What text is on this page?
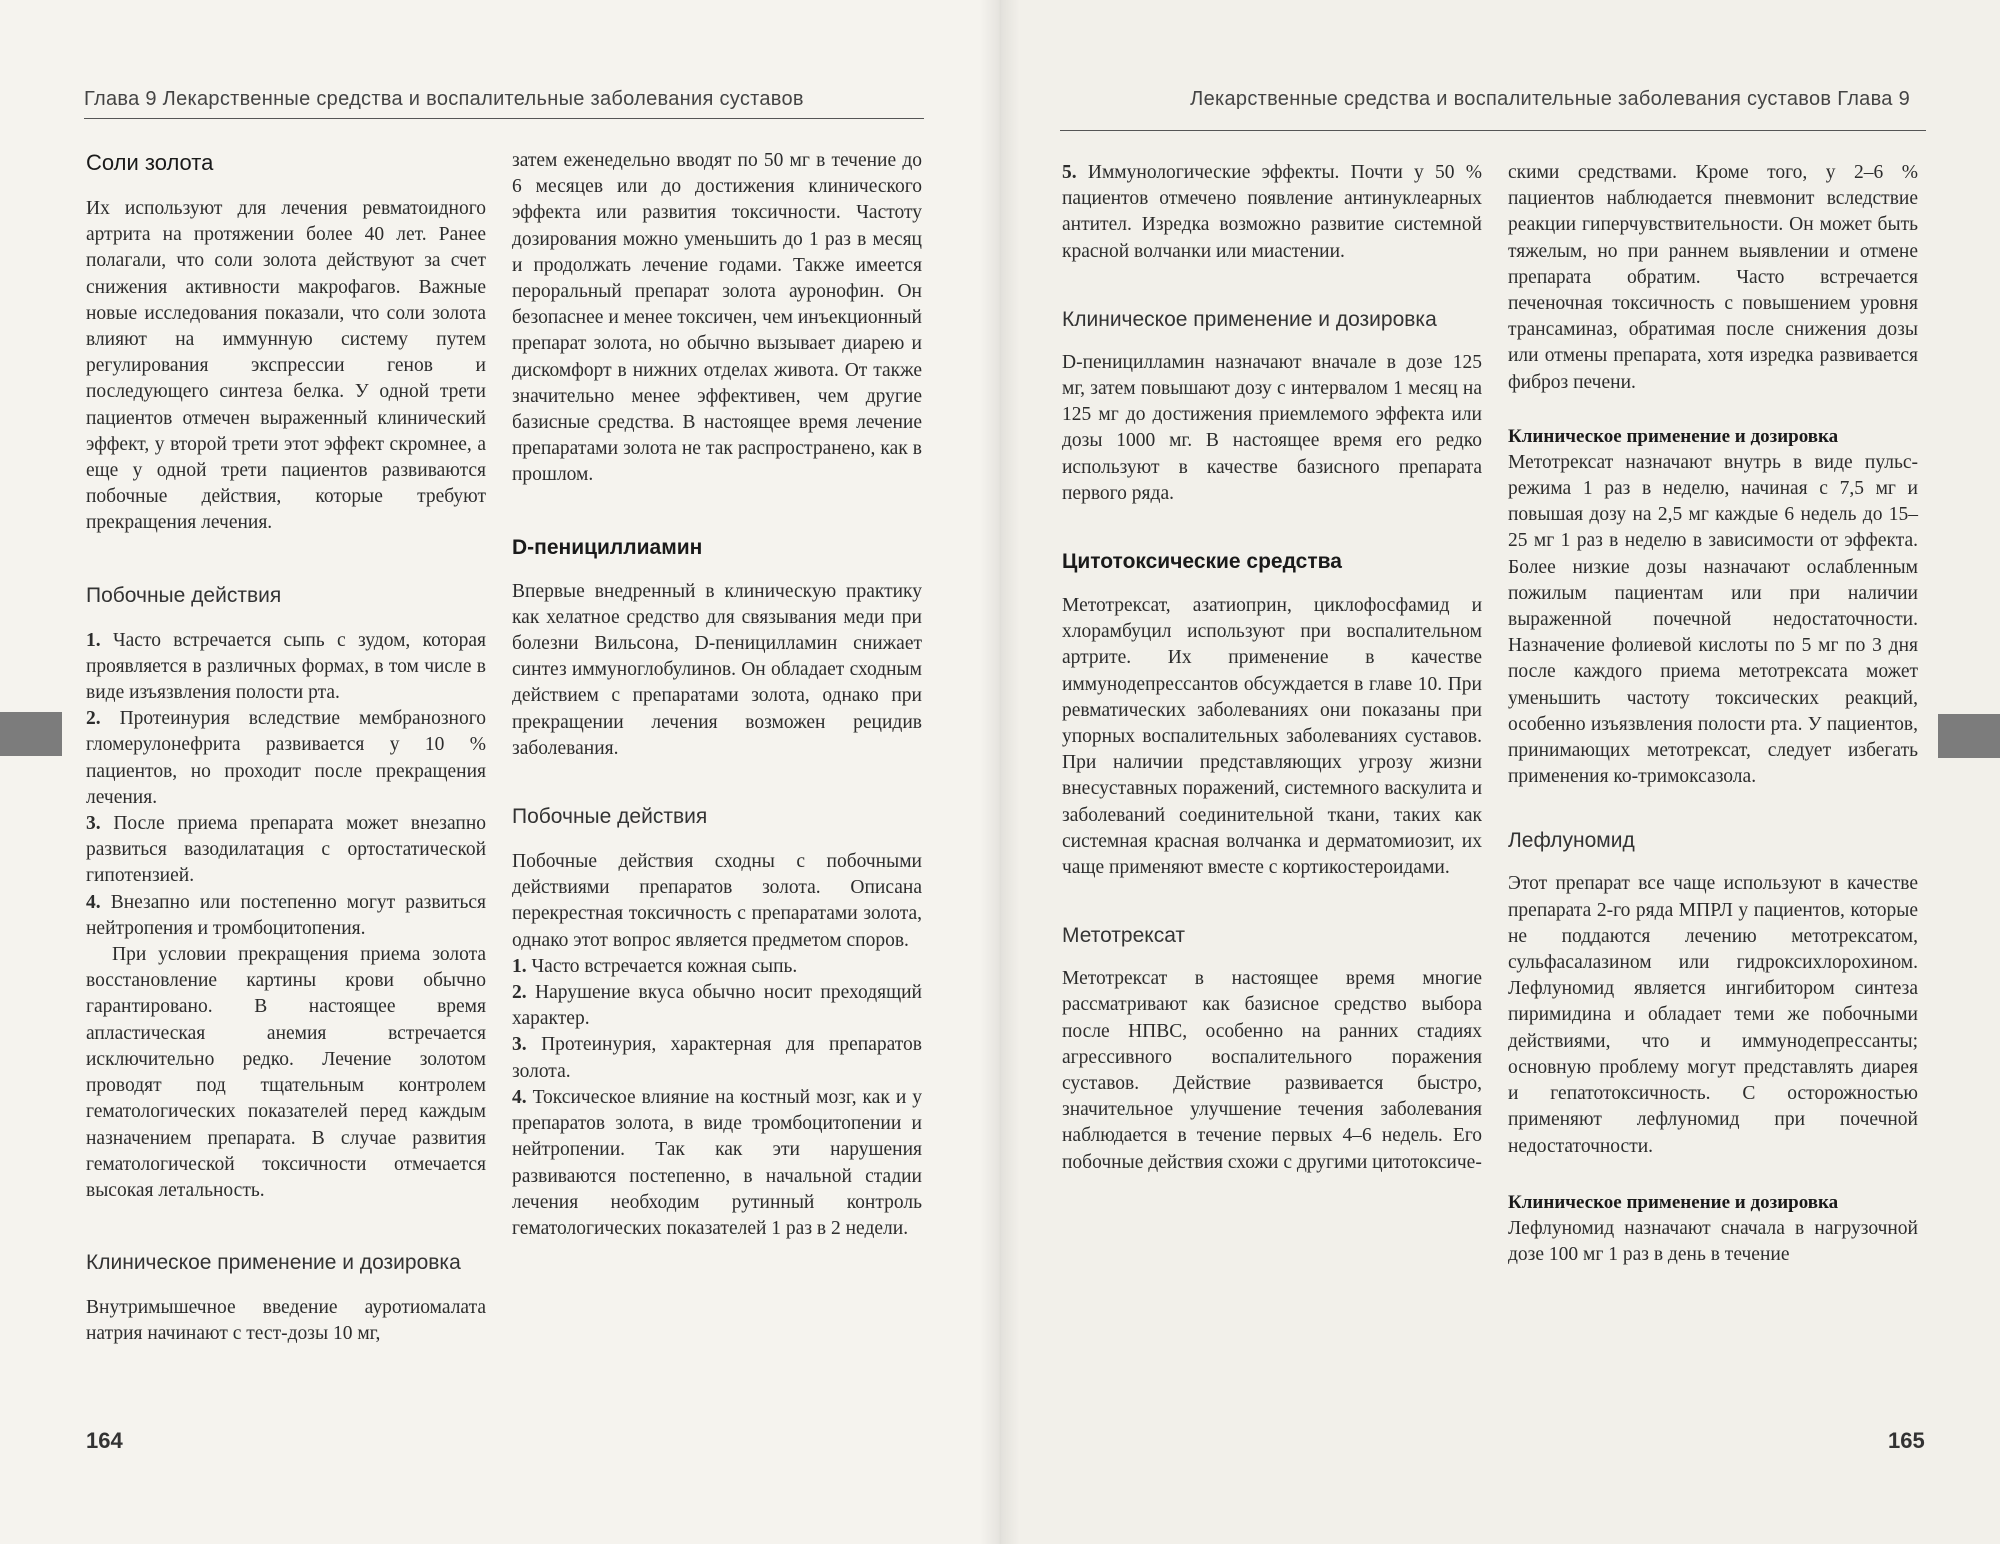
Глава 9 Лекарственные средства и воспалительные заболевания суставов
Соли золота

Их используют для лечения ревматоидного артрита на протяжении более 40 лет. Ранее полагали, что соли золота действуют за счет снижения активности макрофагов. Важные новые исследования показали, что соли золота влияют на иммунную систему путем регулирования экспрессии генов и последующего синтеза белка. У одной трети пациентов отмечен выраженный клинический эффект, у второй трети этот эффект скромнее, а еще у одной трети пациентов развиваются побочные действия, которые требуют прекращения лечения.

Побочные действия

1. Часто встречается сыпь с зудом, которая проявляется в различных формах, в том числе в виде изъязвления полости рта.

2. Протеинурия вследствие мембранозного гломерулонефрита развивается у 10 % пациентов, но проходит после прекращения лечения.

3. После приема препарата может внезапно развиться вазодилатация с ортостатической гипотензией.

4. Внезапно или постепенно могут развиться нейтропения и тромбоцитопения.

При условии прекращения приема золота восстановление картины крови обычно гарантировано. В настоящее время апластическая анемия встречается исключительно редко. Лечение золотом проводят под тщательным контролем гематологических показателей перед каждым назначением препарата. В случае развития гематологической токсичности отмечается высокая летальность.

Клиническое применение и дозировка

Внутримышечное введение ауротиомалата натрия начинают с тест-дозы 10 мг,

затем еженедельно вводят по 50 мг в течение до 6 месяцев или до достижения клинического эффекта или развития токсичности. Частоту дозирования можно уменьшить до 1 раз в месяц и продолжать лечение годами. Также имеется пероральный препарат золота ауронофин. Он безопаснее и менее токсичен, чем инъекционный препарат золота, но обычно вызывает диарею и дискомфорт в нижних отделах живота. От также значительно менее эффективен, чем другие базисные средства. В настоящее время лечение препаратами золота не так распространено, как в прошлом.

D-пенициллиамин

Впервые внедренный в клиническую практику как хелатное средство для связывания меди при болезни Вильсона, D-пеницилламин снижает синтез иммуноглобулинов. Он обладает сходным действием с препаратами золота, однако при прекращении лечения возможен рецидив заболевания.

Побочные действия

Побочные действия сходны с побочными действиями препаратов золота. Описана перекрестная токсичность с препаратами золота, однако этот вопрос является предметом споров.

1. Часто встречается кожная сыпь.

2. Нарушение вкуса обычно носит преходящий характер.

3. Протеинурия, характерная для препаратов золота.

4. Токсическое влияние на костный мозг, как и у препаратов золота, в виде тромбоцитопении и нейтропении. Так как эти нарушения развиваются постепенно, в начальной стадии лечения необходим рутинный контроль гематологических показателей 1 раз в 2 недели.

164
Лекарственные средства и воспалительные заболевания суставов Глава 9

5. Иммунологические эффекты. Почти у 50 % пациентов отмечено появление антинуклеарных антител. Изредка возможно развитие системной красной волчанки или миастении.

Клиническое применение и дозировка

D-пеницилламин назначают вначале в дозе 125 мг, затем повышают дозу с интервалом 1 месяц на 125 мг до достижения приемлемого эффекта или дозы 1000 мг. В настоящее время его редко используют в качестве базисного препарата первого ряда.

Цитотоксические средства

Метотрексат, азатиоприн, циклофосфамид и хлорамбуцил используют при воспалительном артрите. Их применение в качестве иммунодепрессантов обсуждается в главе 10. При ревматических заболеваниях они показаны при упорных воспалительных заболеваниях суставов. При наличии представляющих угрозу жизни внесуставных поражений, системного васкулита и заболеваний соединительной ткани, таких как системная красная волчанка и дерматомиозит, их чаще применяют вместе с кортикостероидами.

Метотрексат

Метотрексат в настоящее время многие рассматривают как базисное средство выбора после НПВС, особенно на ранних стадиях агрессивного воспалительного поражения суставов. Действие развивается быстро, значительное улучшение течения заболевания наблюдается в течение первых 4–6 недель. Его побочные действия схожи с другими цитотоксиче-

скими средствами. Кроме того, у 2–6 % пациентов наблюдается пневмонит вследствие реакции гиперчувствительности. Он может быть тяжелым, но при раннем выявлении и отмене препарата обратим. Часто встречается печеночная токсичность с повышением уровня трансаминаз, обратимая после снижения дозы или отмены препарата, хотя изредка развивается фиброз печени.

Клиническое применение и дозировка

Метотрексат назначают внутрь в виде пульс-режима 1 раз в неделю, начиная с 7,5 мг и повышая дозу на 2,5 мг каждые 6 недель до 15–25 мг 1 раз в неделю в зависимости от эффекта. Более низкие дозы назначают ослабленным пожилым пациентам или при наличии выраженной почечной недостаточности. Назначение фолиевой кислоты по 5 мг по 3 дня после каждого приема метотрексата может уменьшить частоту токсических реакций, особенно изъязвления полости рта. У пациентов, принимающих метотрексат, следует избегать применения ко-тримоксазола.

Лефлуномид

Этот препарат все чаще используют в качестве препарата 2-го ряда МПРЛ у пациентов, которые не поддаются лечению метотрексатом, сульфасалазином или гидроксихлорохином. Лефлуномид является ингибитором синтеза пиримидина и обладает теми же побочными действиями, что и иммунодепрессанты; основную проблему могут представлять диарея и гепатотоксичность. С осторожностью применяют лефлуномид при почечной недостаточности.

Клиническое применение и дозировка

Лефлуномид назначают сначала в нагрузочной дозе 100 мг 1 раз в день в течение

165
